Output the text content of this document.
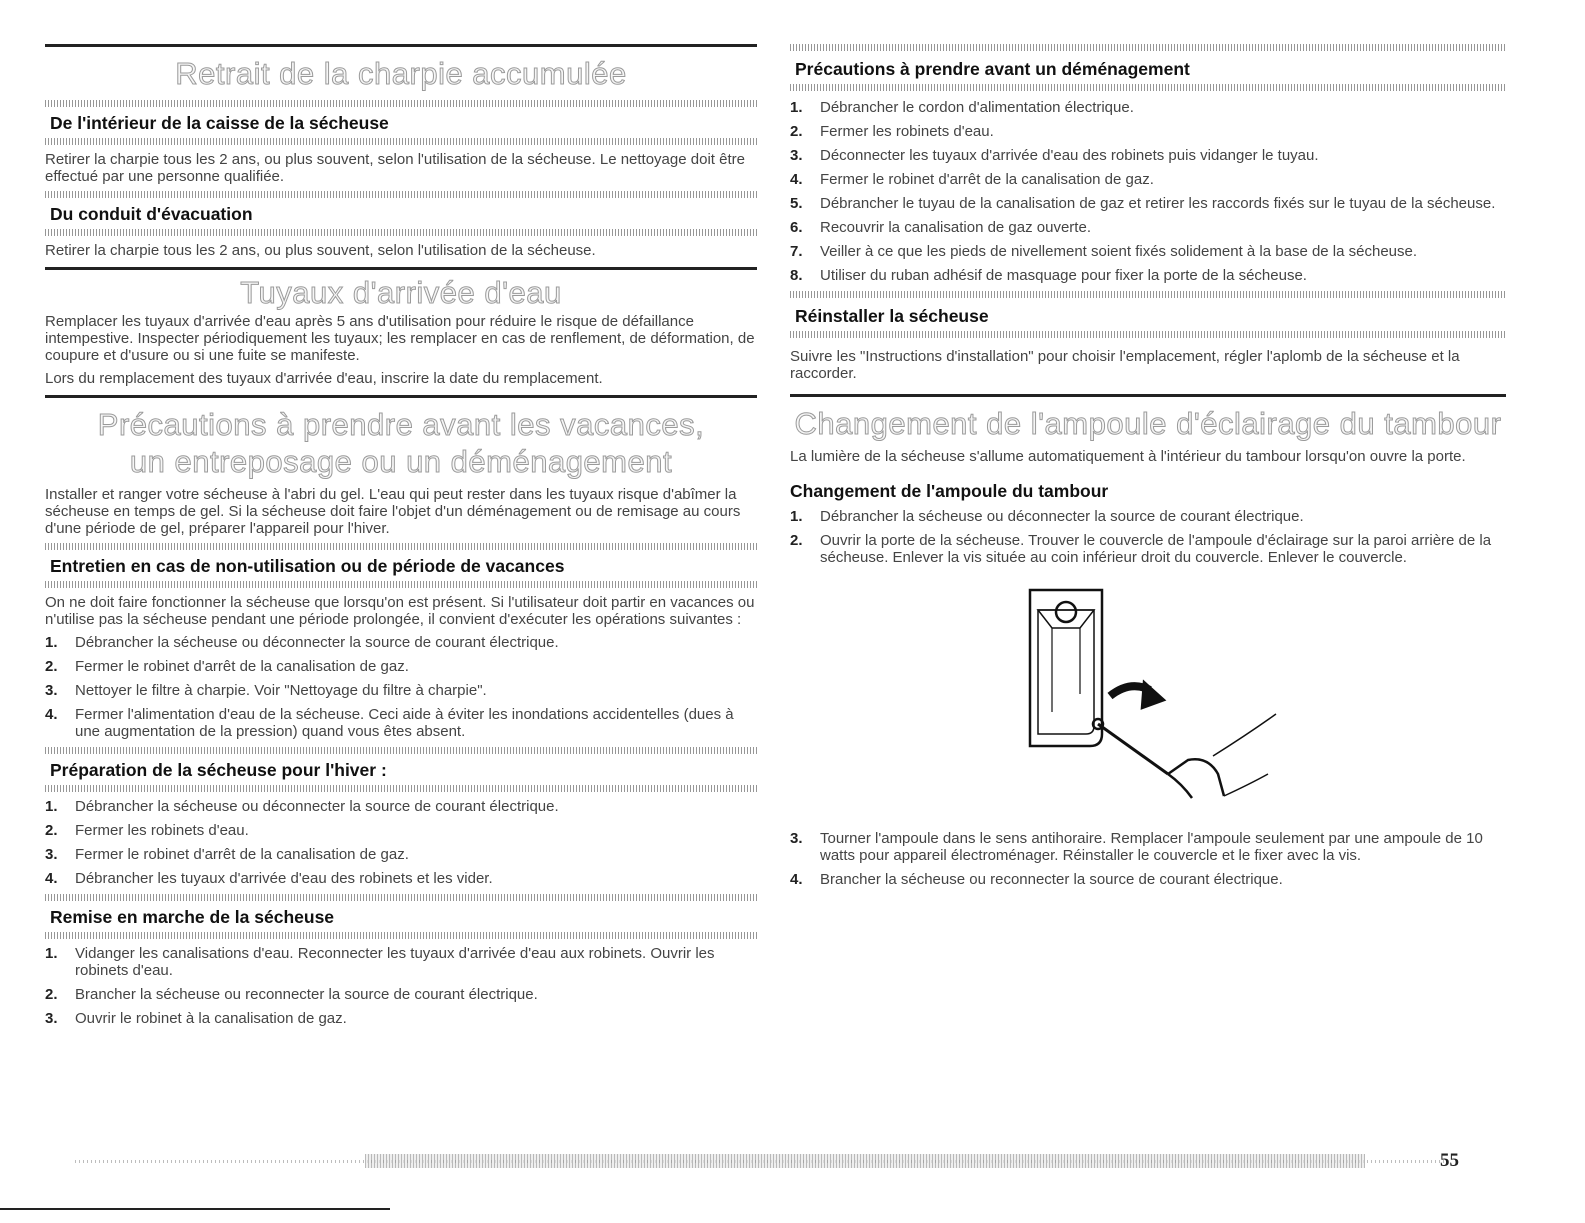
Retrait de la charpie accumulée
De l'intérieur de la caisse de la sécheuse

Retirer la charpie tous les 2 ans, ou plus souvent, selon l'utilisation de la sécheuse. Le nettoyage doit être effectué par une personne qualifiée.

Du conduit d'évacuation

Retirer la charpie tous les 2 ans, ou plus souvent, selon l'utilisation de la sécheuse.

Tuyaux d'arrivée d'eau

Remplacer les tuyaux d'arrivée d'eau après 5 ans d'utilisation pour réduire le risque de défaillance intempestive. Inspecter périodiquement les tuyaux; les remplacer en cas de renflement, de déformation, de coupure et d'usure ou si une fuite se manifeste.

Lors du remplacement des tuyaux d'arrivée d'eau, inscrire la date du remplacement.

Précautions à prendre avant les vacances, un entreposage ou un déménagement

Installer et ranger votre sécheuse à l'abri du gel. L'eau qui peut rester dans les tuyaux risque d'abîmer la sécheuse en temps de gel. Si la sécheuse doit faire l'objet d'un déménagement ou de remisage au cours d'une période de gel, préparer l'appareil pour l'hiver.

Entretien en cas de non-utilisation ou de période de vacances

On ne doit faire fonctionner la sécheuse que lorsqu'on est présent. Si l'utilisateur doit partir en vacances ou n'utilise pas la sécheuse pendant une période prolongée, il convient d'exécuter les opérations suivantes :

1. Débrancher la sécheuse ou déconnecter la source de courant électrique.
2. Fermer le robinet d'arrêt de la canalisation de gaz.
3. Nettoyer le filtre à charpie. Voir "Nettoyage du filtre à charpie".
4. Fermer l'alimentation d'eau de la sécheuse. Ceci aide à éviter les inondations accidentelles (dues à une augmentation de la pression) quand vous êtes absent.
Préparation de la sécheuse pour l'hiver :
1. Débrancher la sécheuse ou déconnecter la source de courant électrique.
2. Fermer les robinets d'eau.
3. Fermer le robinet d'arrêt de la canalisation de gaz.
4. Débrancher les tuyaux d'arrivée d'eau des robinets et les vider.
Remise en marche de la sécheuse
1. Vidanger les canalisations d'eau. Reconnecter les tuyaux d'arrivée d'eau aux robinets. Ouvrir les robinets d'eau.
2. Brancher la sécheuse ou reconnecter la source de courant électrique.
3. Ouvrir le robinet à la canalisation de gaz.
Précautions à prendre avant un déménagement
1. Débrancher le cordon d'alimentation électrique.
2. Fermer les robinets d'eau.
3. Déconnecter les tuyaux d'arrivée d'eau des robinets puis vidanger le tuyau.
4. Fermer le robinet d'arrêt de la canalisation de gaz.
5. Débrancher le tuyau de la canalisation de gaz et retirer les raccords fixés sur le tuyau de la sécheuse.
6. Recouvrir la canalisation de gaz ouverte.
7. Veiller à ce que les pieds de nivellement soient fixés solidement à la base de la sécheuse.
8. Utiliser du ruban adhésif de masquage pour fixer la porte de la sécheuse.
Réinstaller la sécheuse

Suivre les "Instructions d'installation" pour choisir l'emplacement, régler l'aplomb de la sécheuse et la raccorder.

Changement de l'ampoule d'éclairage du tambour

La lumière de la sécheuse s'allume automatiquement à l'intérieur du tambour lorsqu'on ouvre la porte.

Changement de l'ampoule du tambour
1. Débrancher la sécheuse ou déconnecter la source de courant électrique.
2. Ouvrir la porte de la sécheuse. Trouver le couvercle de l'ampoule d'éclairage sur la paroi arrière de la sécheuse. Enlever la vis située au coin inférieur droit du couvercle. Enlever le couvercle.
3. Tourner l'ampoule dans le sens antihoraire. Remplacer l'ampoule seulement par une ampoule de 10 watts pour appareil électroménager. Réinstaller le couvercle et le fixer avec la vis.
4. Brancher la sécheuse ou reconnecter la source de courant électrique.
55
